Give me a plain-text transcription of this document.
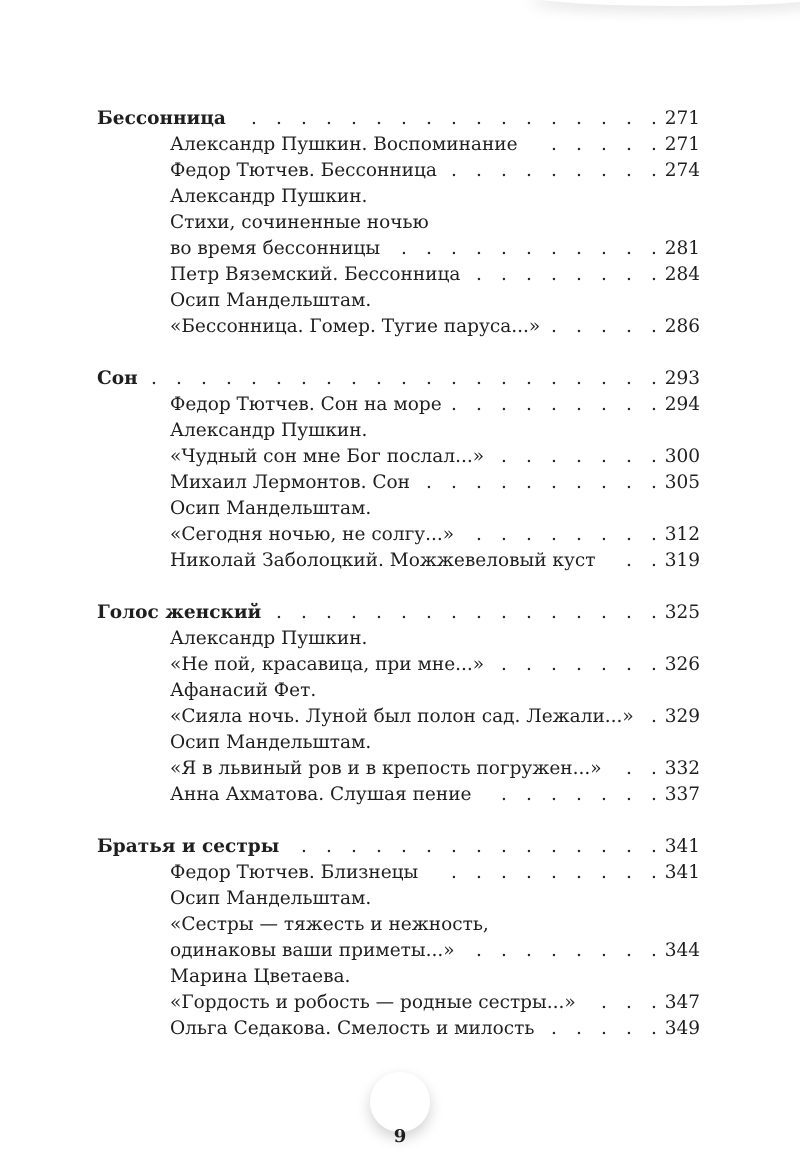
Бессонница	271
.
.
.
.
.
.
.
.
.
.
.
.
.
.
.
.
.
Александр Пушкин. Воспоминание	271
.
.
.
.
.
Федор Тютчев. Бессонница	274
.
.
.
.
.
.
.
.
.
Александр Пушкин.
Стихи, сочиненные ночью
во время бессонницы	281
.
.
.
.
.
.
.
.
.
.
.
Петр Вяземский. Бессонница	284
.
.
.
.
.
.
.
.
Осип Мандельштам.
«Бессонница. Гомер. Тугие паруса...»	286
.
.
.
.
.
Сон	293
.
.
.
.
.
.
.
.
.
.
.
.
.
.
.
.
.
.
.
.
.
Федор Тютчев. Сон на море	294
.
.
.
.
.
.
.
.
.
Александр Пушкин.
«Чудный сон мне Бог послал...»	300
.
.
.
.
.
.
.
Михаил Лермонтов. Сон	305
.
.
.
.
.
.
.
.
.
.
Осип Мандельштам.
«Сегодня ночью, не солгу...»	312
.
.
.
.
.
.
.
.
Николай Заболоцкий. Можжевеловый куст	319
.
.
Голос женский	325
.
.
.
.
.
.
.
.
.
.
.
.
.
.
.
.
Александр Пушкин.
«Не пой, красавица, при мне...»	326
.
.
.
.
.
.
.
Афанасий Фет.
«Сияла ночь. Луной был полон сад. Лежали...» 329
.
Осип Мандельштам.
«Я в львиный ров и в крепость погружен...»	332
.
.
Анна Ахматова. Слушая пение	337
.
.
.
.
.
.
.
Братья и сестры	341
.
.
.
.
.
.
.
.
.
.
.
.
.
.
.
Федор Тютчев. Близнецы	341
.
.
.
.
.
.
.
.
.
Осип Мандельштам.
«Сестры — тяжесть и нежность,
одинаковы ваши приметы...»	344
.
.
.
.
.
.
.
.
Марина Цветаева.
«Гордость и робость — родные сестры...»	347
.
.
.
Ольга Седакова. Смелость и милость	349
.
.
.
.
.
9
